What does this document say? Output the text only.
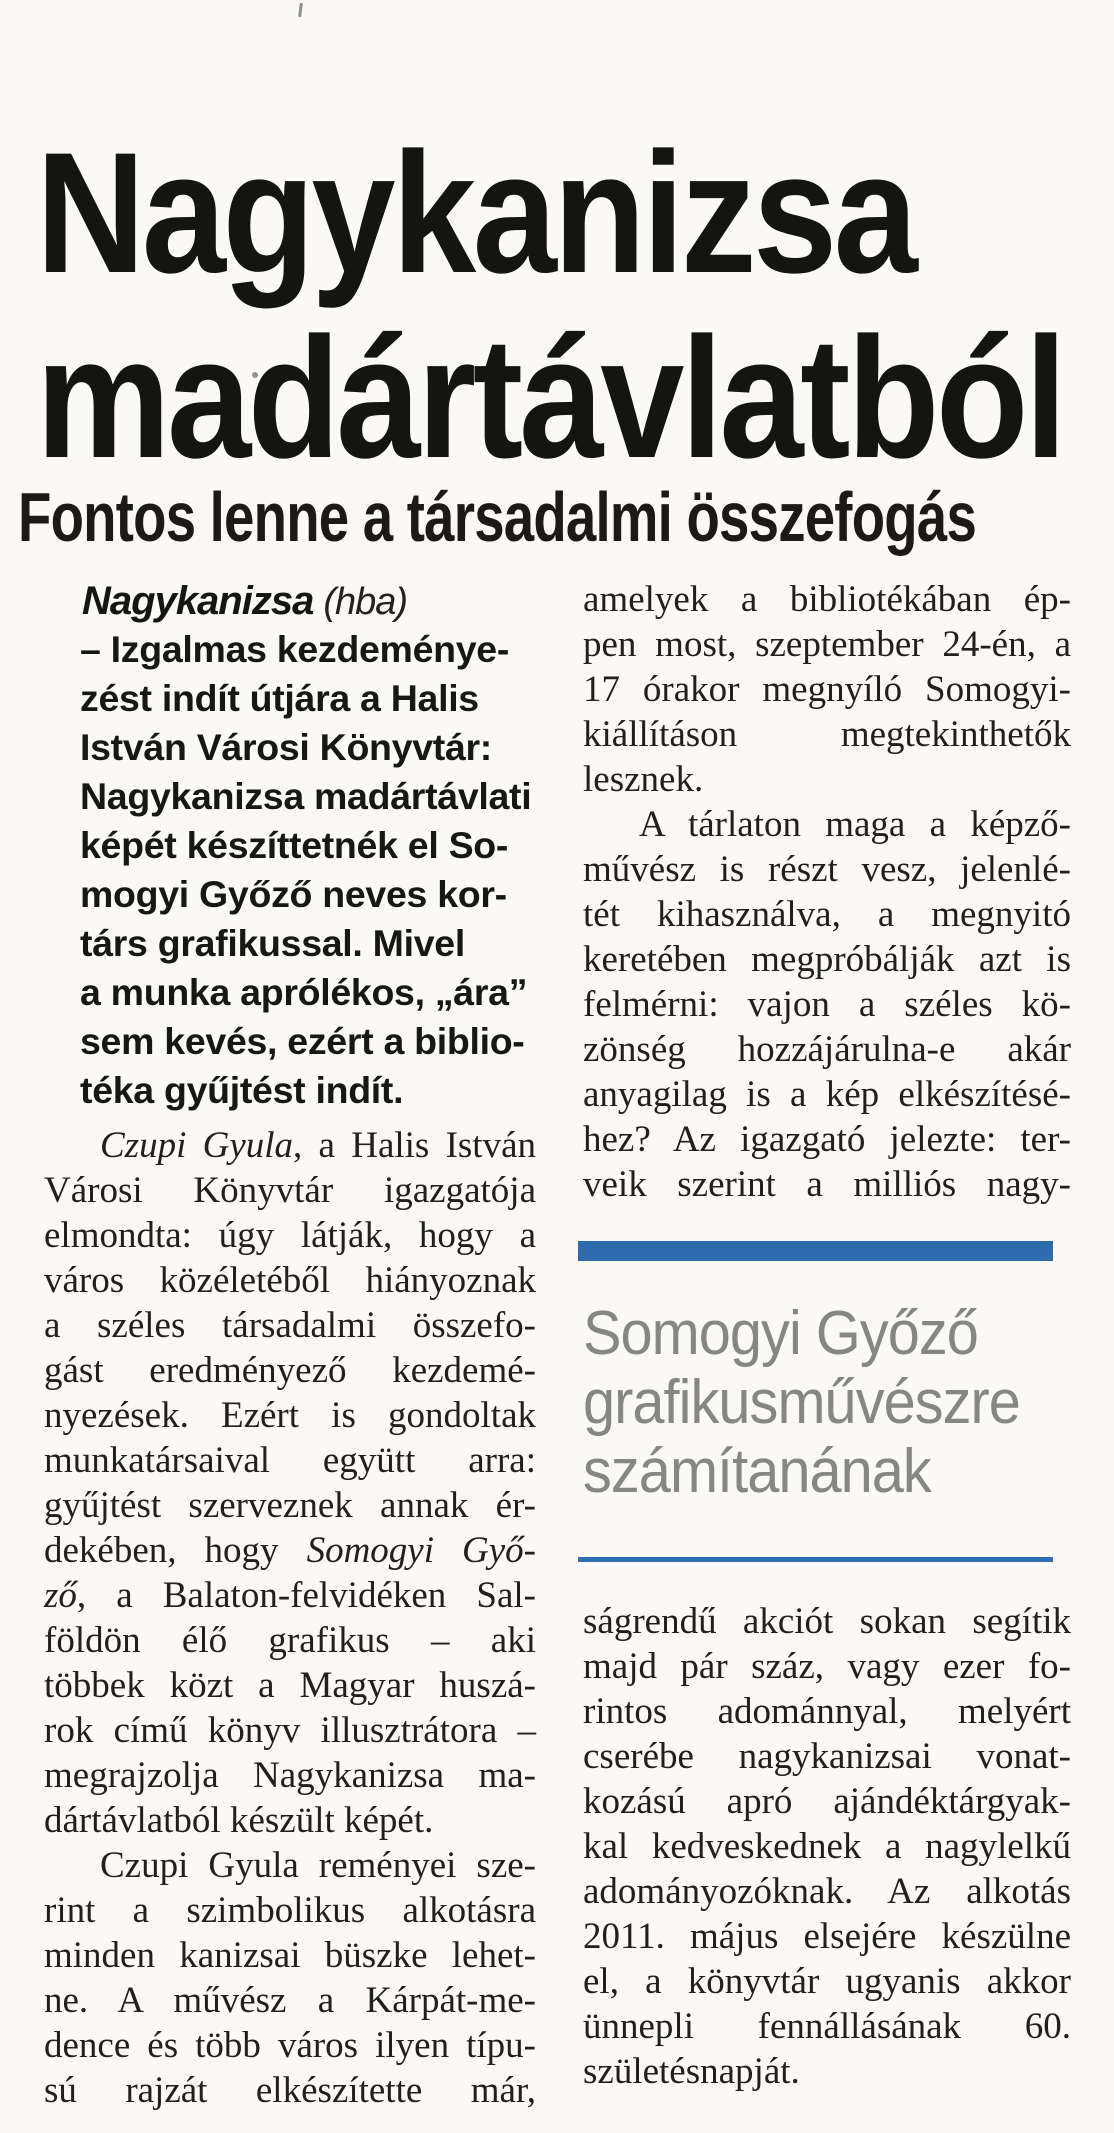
Nagykanizsa
madártávlatból
Fontos lenne a társadalmi összefogás
Nagykanizsa (hba)
– Izgalmas kezdeménye-
zést indít útjára a Halis
István Városi Könyvtár:
Nagykanizsa madártávlati
képét készíttetnék el So-
mogyi Győző neves kor-
társ grafikussal. Mivel
a munka aprólékos, „ára”
sem kevés, ezért a biblio-
téka gyűjtést indít.
Czupi Gyula, a Halis István
Városi Könyvtár igazgatója
elmondta: úgy látják, hogy a
város közéletéből hiányoznak
a széles társadalmi összefo-
gást eredményező kezdemé-
nyezések. Ezért is gondoltak
munkatársaival együtt arra:
gyűjtést szerveznek annak ér-
dekében, hogy Somogyi Győ-
ző, a Balaton-felvidéken Sal-
földön élő grafikus – aki
többek közt a Magyar huszá-
rok című könyv illusztrátora –
megrajzolja Nagykanizsa ma-
dártávlatból készült képét.
Czupi Gyula reményei sze-
rint a szimbolikus alkotásra
minden kanizsai büszke lehet-
ne. A művész a Kárpát-me-
dence és több város ilyen típu-
sú rajzát elkészítette már,
amelyek a bibliotékában ép-
pen most, szeptember 24-én, a
17 órakor megnyíló Somogyi-
kiállításon megtekinthetők
lesznek.
A tárlaton maga a képző-
művész is részt vesz, jelenlé-
tét kihasználva, a megnyitó
keretében megpróbálják azt is
felmérni: vajon a széles kö-
zönség hozzájárulna-e akár
anyagilag is a kép elkészítésé-
hez? Az igazgató jelezte: ter-
veik szerint a milliós nagy-
Somogyi Győző
grafikusművészre
számítanának
ságrendű akciót sokan segítik
majd pár száz, vagy ezer fo-
rintos adománnyal, melyért
cserébe nagykanizsai vonat-
kozású apró ajándéktárgyak-
kal kedveskednek a nagylelkű
adományozóknak. Az alkotás
2011. május elsejére készülne
el, a könyvtár ugyanis akkor
ünnepli fennállásának 60.
születésnapját.
